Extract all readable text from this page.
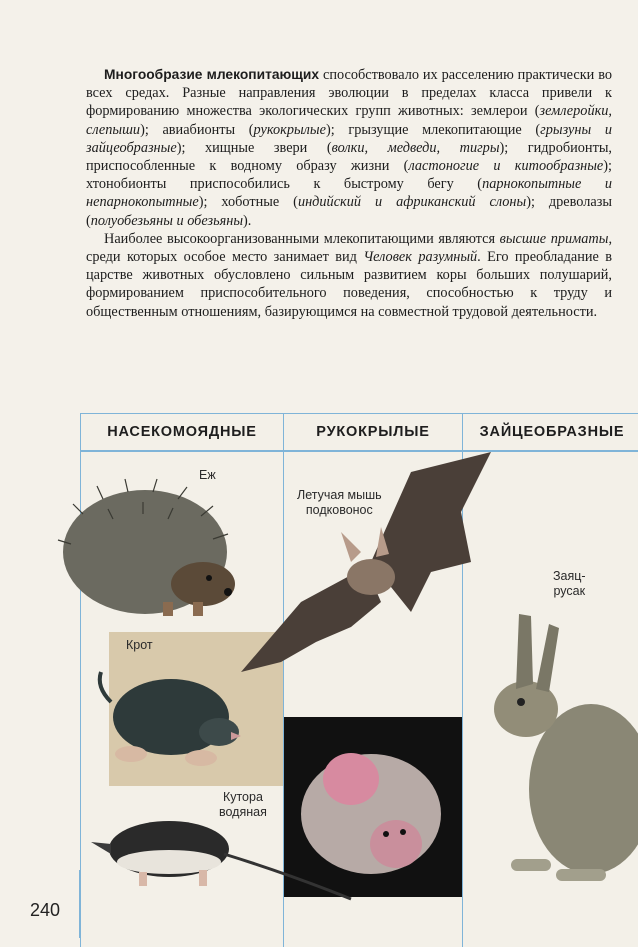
Многообразие млекопитающих способствовало их расселению практически во всех средах. Разные направления эволюции в пределах класса привели к формированию множества экологических групп животных: землерои (землеройки, слепыши); авиабионты (рукокрылые); грызущие млекопитающие (грызуны и зайцеобразные); хищные звери (волки, медведи, тигры); гидробионты, приспособленные к водному образу жизни (ластоногие и китообразные); хтонобионты приспособились к быстрому бегу (парнокопытные и непарнокопытные); хоботные (индийский и африканский слоны); древолазы (полуобезьяны и обезьяны).

Наиболее высокоорганизованными млекопитающими являются высшие приматы, среди которых особое место занимает вид Человек разумный. Его преобладание в царстве животных обусловлено сильным развитием коры больших полушарий, формированием приспособительного поведения, способностью к труду и общественным отношениям, базирующимся на совместной трудовой деятельности.

НАСЕКОМОЯДНЫЕ	РУКОКРЫЛЫЕ	ЗАЙЦЕОБРАЗНЫЕ
Еж
Крот
Кутора
водяная
Летучая мышь
подковонос
Заяц-
русак
240
